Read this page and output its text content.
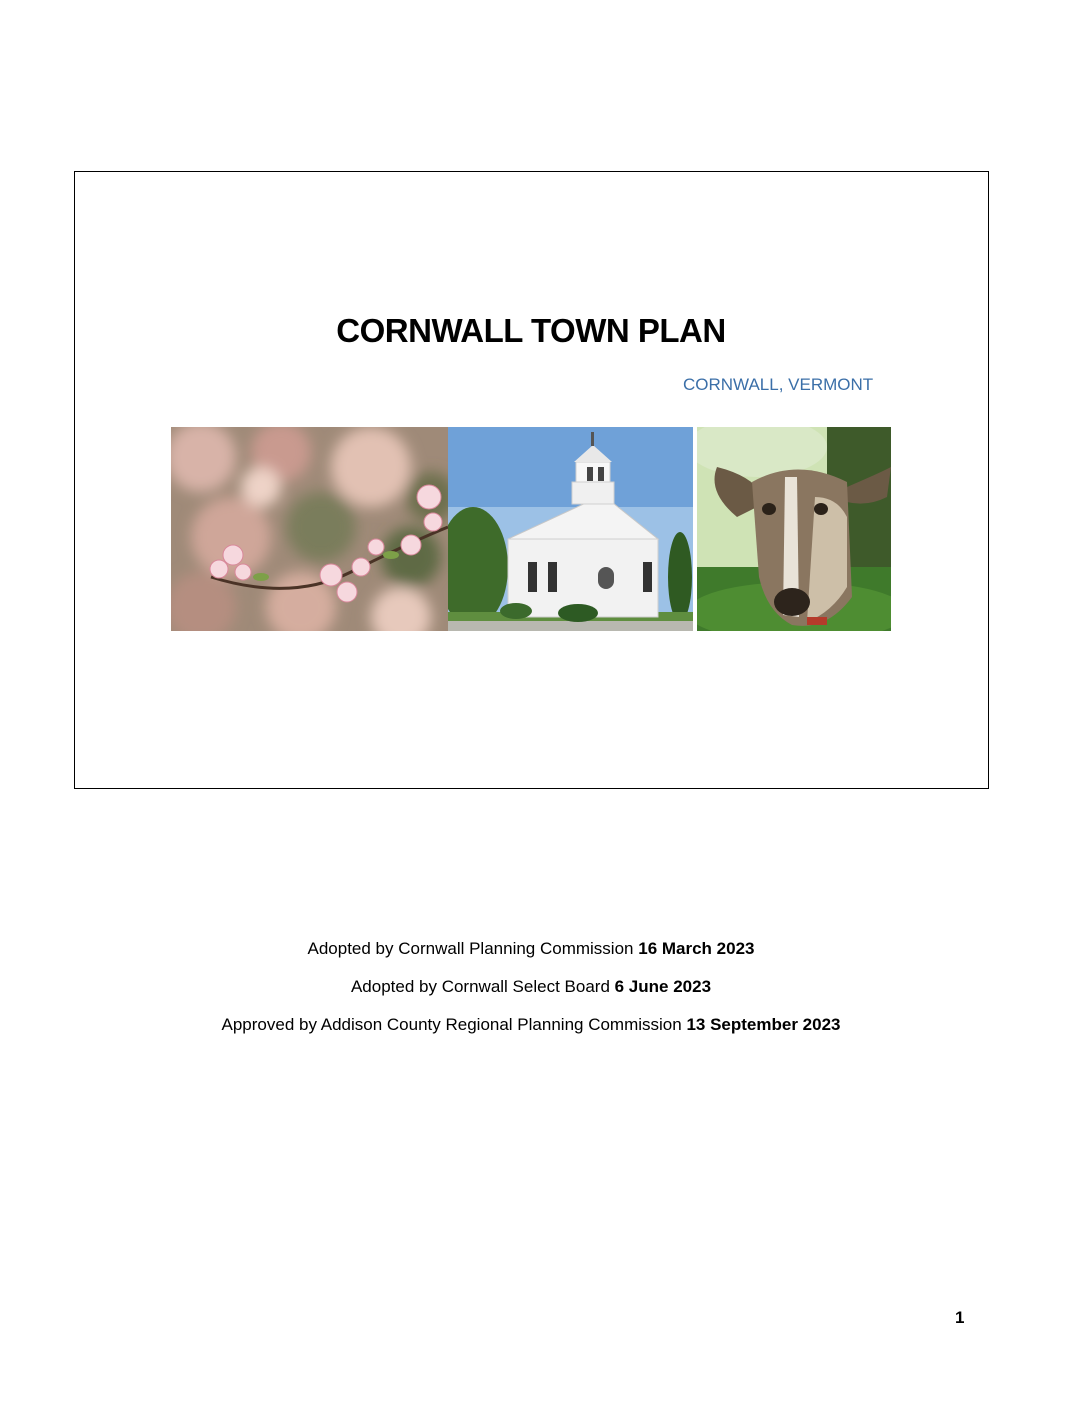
CORNWALL TOWN PLAN
CORNWALL, VERMONT

Adopted by Cornwall Planning Commission 16 March 2023

Adopted by Cornwall Select Board 6 June 2023

Approved by Addison County Regional Planning Commission 13 September 2023

1
